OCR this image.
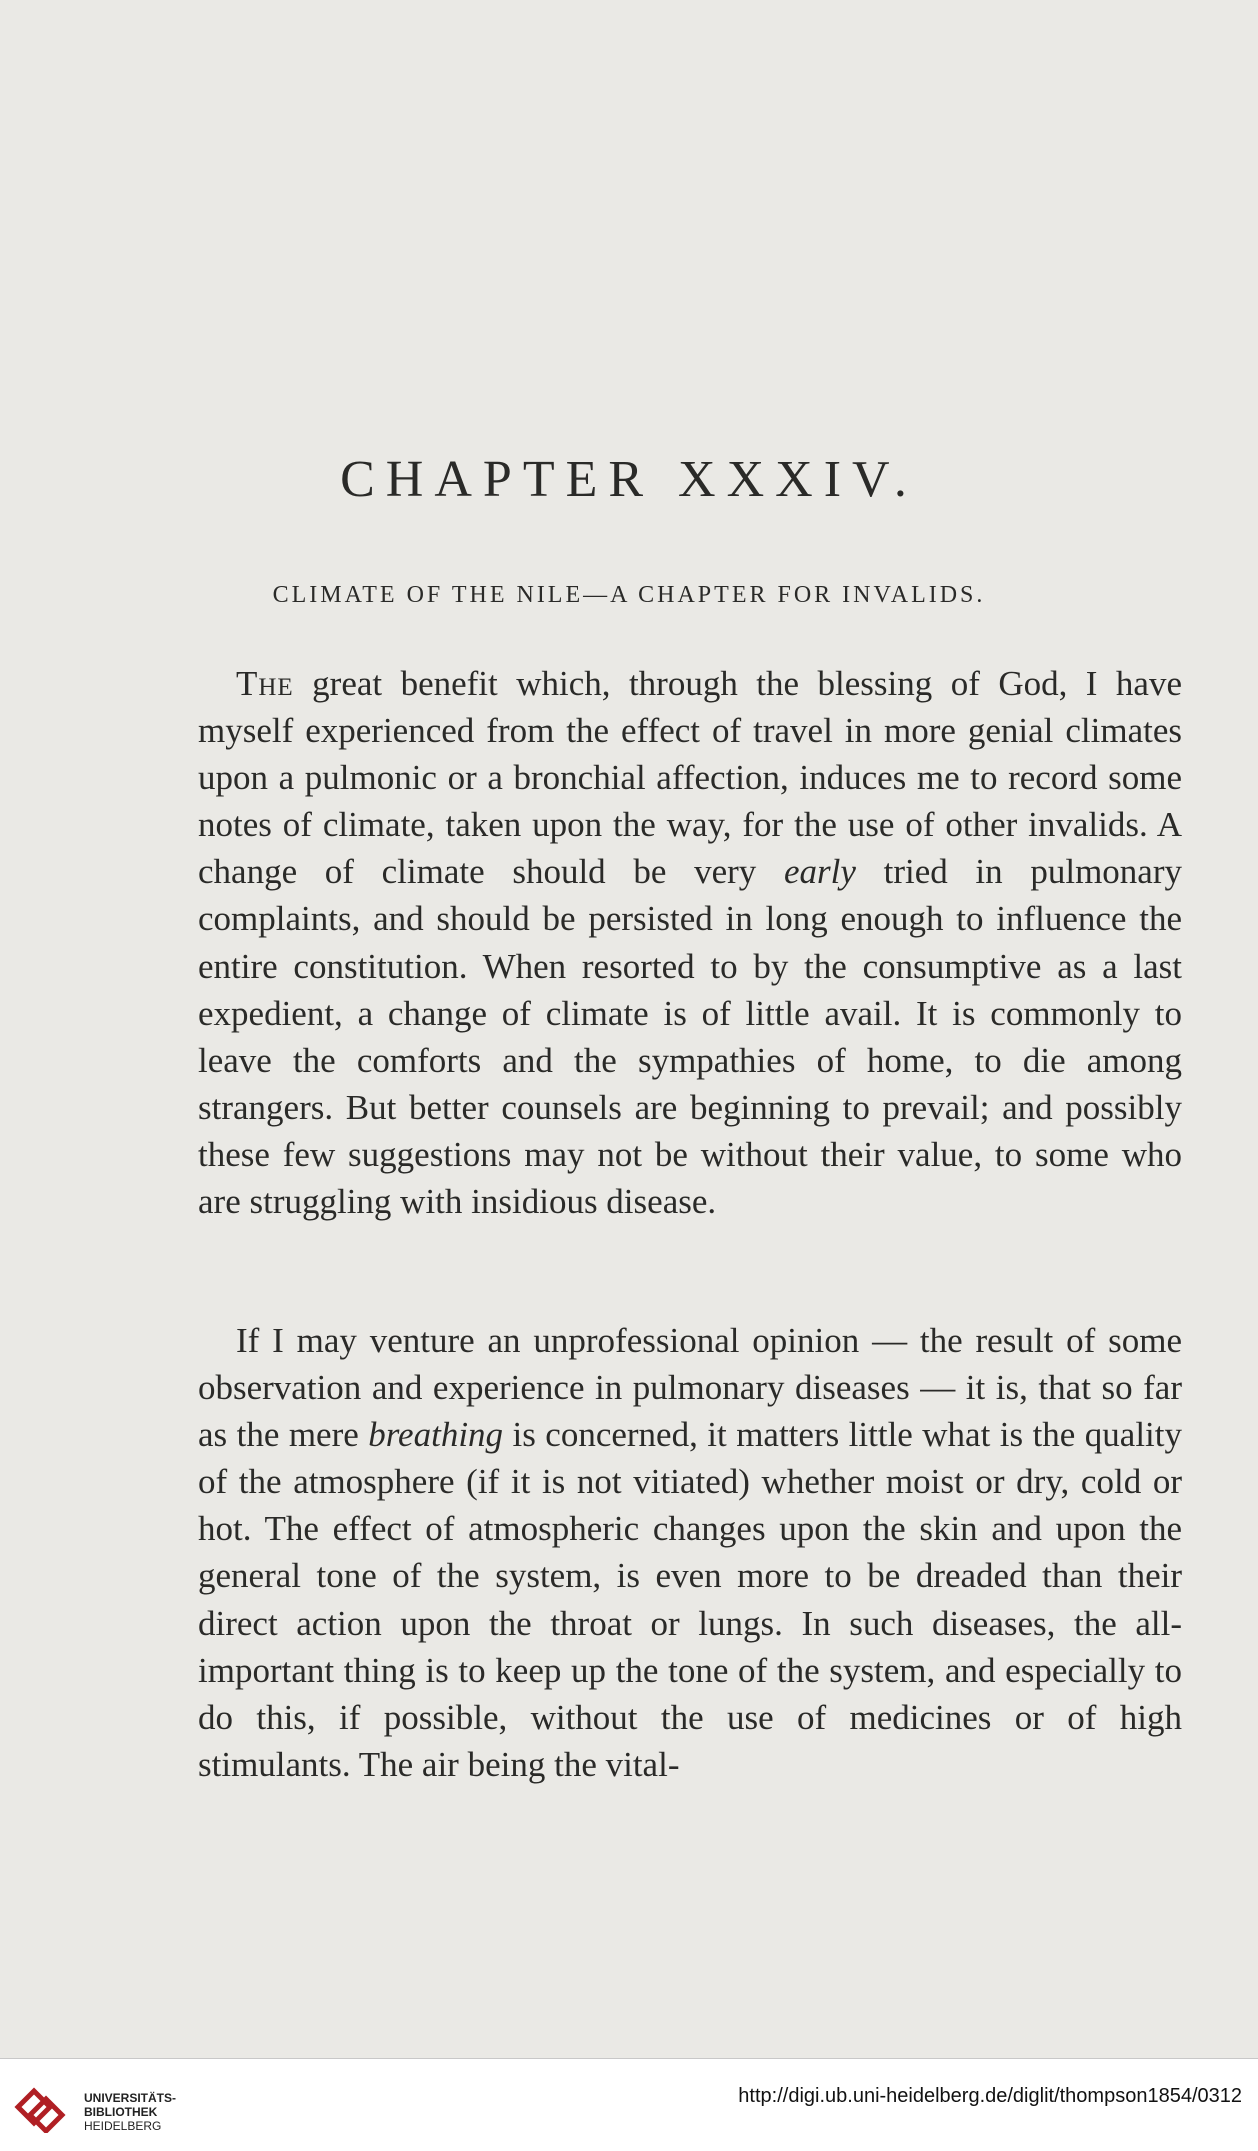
CHAPTER XXXIV.
CLIMATE OF THE NILE—A CHAPTER FOR INVALIDS.

The great benefit which, through the blessing of God, I have myself experienced from the effect of travel in more genial climates upon a pulmonic or a bronchial affection, induces me to record some notes of climate, taken upon the way, for the use of other invalids. A change of climate should be very early tried in pulmonary complaints, and should be persisted in long enough to influence the entire constitution. When resorted to by the consumptive as a last expedient, a change of climate is of little avail. It is commonly to leave the comforts and the sympathies of home, to die among strangers. But better counsels are beginning to prevail; and possibly these few suggestions may not be without their value, to some who are struggling with insidious disease.

If I may venture an unprofessional opinion — the result of some observation and experience in pulmonary diseases — it is, that so far as the mere breathing is concerned, it matters little what is the quality of the atmosphere (if it is not vitiated) whether moist or dry, cold or hot. The effect of atmospheric changes upon the skin and upon the general tone of the system, is even more to be dreaded than their direct action upon the throat or lungs. In such diseases, the all-important thing is to keep up the tone of the system, and especially to do this, if possible, without the use of medicines or of high stimulants. The air being the vital-

UNIVERSITÄTS-
BIBLIOTHEK
HEIDELBERG
http://digi.ub.uni-heidelberg.de/diglit/thompson1854/0312
